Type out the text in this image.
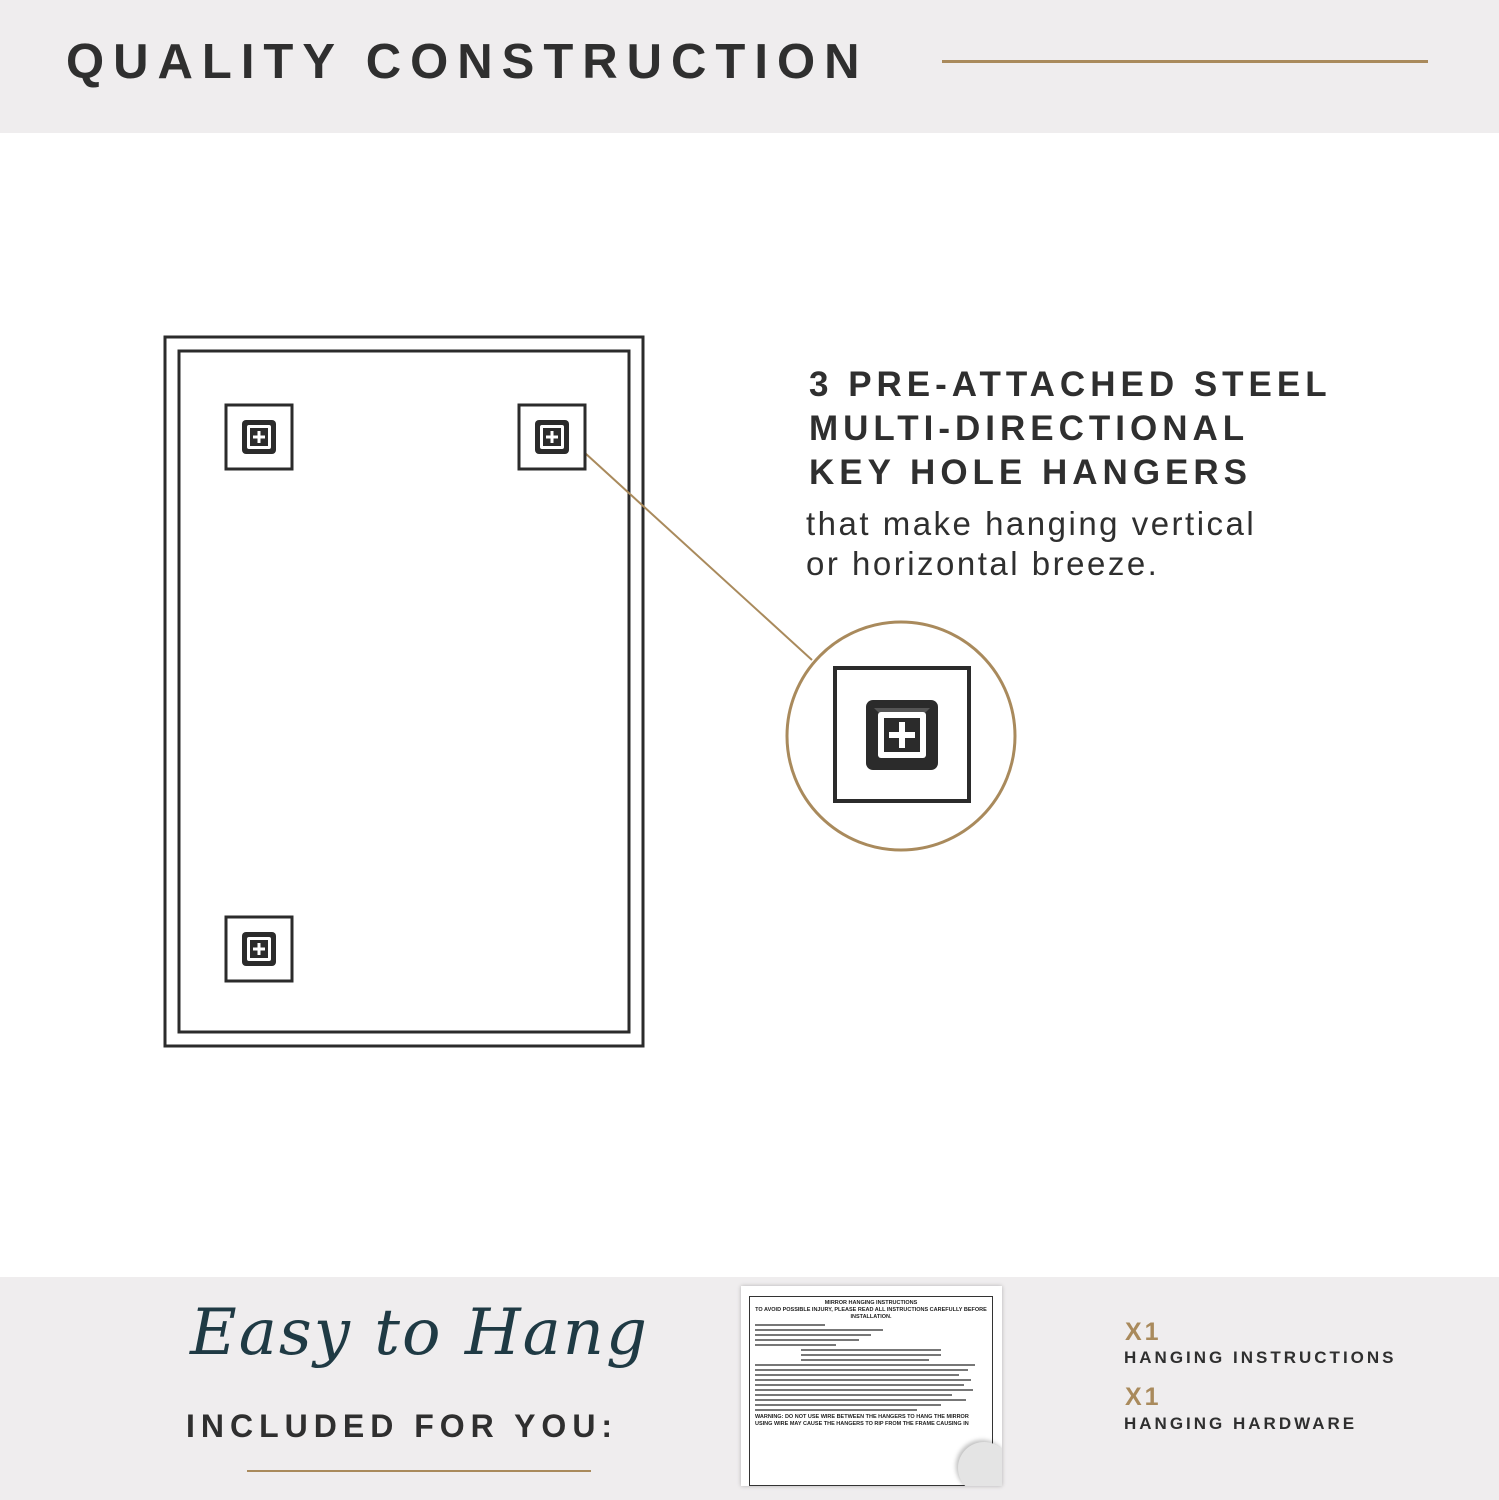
QUALITY CONSTRUCTION
3 PRE-ATTACHED STEEL
MULTI-DIRECTIONAL
KEY HOLE HANGERS
that make hanging vertical
or horizontal breeze.
Easy to Hang
INCLUDED FOR YOU:
MIRROR HANGING INSTRUCTIONS
TO AVOID POSSIBLE INJURY, PLEASE READ ALL INSTRUCTIONS CAREFULLY BEFORE INSTALLATION.
WARNING: DO NOT USE WIRE BETWEEN THE HANGERS TO HANG THE MIRROR USING WIRE MAY CAUSE THE HANGERS TO RIP FROM THE FRAME CAUSING IN
X1
HANGING INSTRUCTIONS
X1
HANGING HARDWARE
